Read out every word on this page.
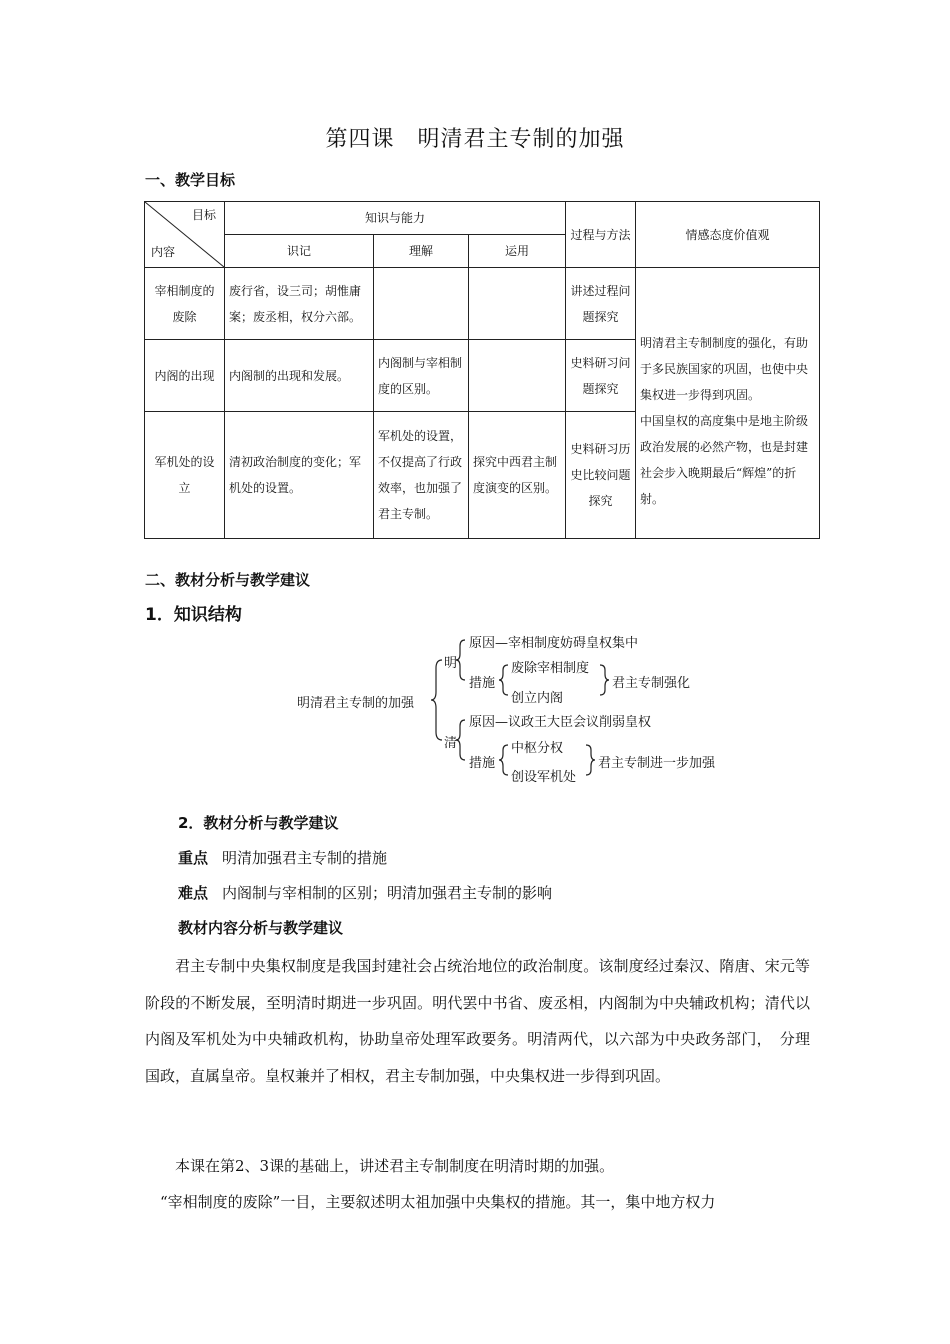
第四课　明清君主专制的加强
一、教学目标
目标
内容	知识与能力			过程与方法	情感态度价值观
	识记	理解	运用		
宰相制度的废除	废行省，设三司；胡惟庸案；废丞相，权分六部。			讲述过程问题探究	明清君主专制制度的强化，有助于多民族国家的巩固，也使中央集权进一步得到巩固。
中国皇权的高度集中是地主阶级政治发展的必然产物，也是封建社会步入晚期最后“辉煌”的折射。

内阁的出现	内阁制的出现和发展。	内阁制与宰相制度的区别。		史料研习问题探究	
军机处的设立	清初政治制度的变化；军机处的设置。	军机处的设置，不仅提高了行政效率，也加强了君主专制。	探究中西君主制度演变的区别。	史料研习历史比较问题探究	
二、教材分析与教学建议
1．知识结构
明清君主专制的加强
明
清
原因—宰相制度妨碍皇权集中
措施
废除宰相制度
创立内阁
君主专制强化
原因—议政王大臣会议削弱皇权
措施
中枢分权
创设军机处
君主专制进一步加强
2．教材分析与教学建议
重点 明清加强君主专制的措施
难点 内阁制与宰相制的区别；明清加强君主专制的影响
教材内容分析与教学建议

君主专制中央集权制度是我国封建社会占统治地位的政治制度。该制度经过秦汉、隋唐、宋元等阶段的不断发展，至明清时期进一步巩固。明代罢中书省、废丞相，内阁制为中央辅政机构；清代以内阁及军机处为中央辅政机构，协助皇帝处理军政要务。明清两代，以六部为中央政务部门，　分理国政，直属皇帝。皇权兼并了相权，君主专制加强，中央集权进一步得到巩固。

本课在第2、3课的基础上，讲述君主专制制度在明清时期的加强。

“宰相制度的废除”一目，主要叙述明太祖加强中央集权的措施。其一，集中地方权力
